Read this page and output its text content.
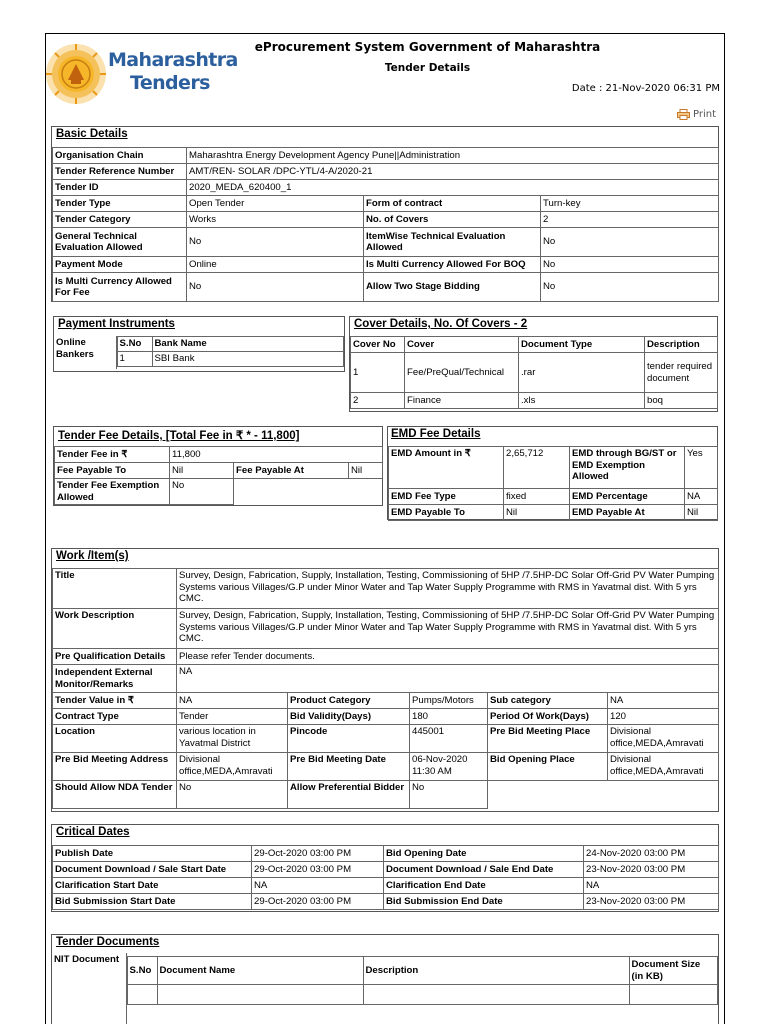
Maharashtra
Tenders
eProcurement System Government of Maharashtra
Tender Details
Date : 21-Nov-2020 06:31 PM
Print
Basic Details
Organisation Chain	Maharashtra Energy Development Agency Pune||Administration		
Tender Reference Number	AMT/REN- SOLAR /DPC-YTL/4-A/2020-21		
Tender ID	2020_MEDA_620400_1		
Tender Type	Open Tender	Form of contract	Turn-key
Tender Category	Works	No. of Covers	2
General Technical Evaluation Allowed	No	ItemWise Technical Evaluation Allowed	No
Payment Mode	Online	Is Multi Currency Allowed For BOQ	No
Is Multi Currency Allowed For Fee	No	Allow Two Stage Bidding	No
Payment Instruments
Online Bankers	
S.No	Bank Name
1	SBI Bank
Cover Details, No. Of Covers - 2
Cover No	Cover	Document Type	Description
1	Fee/PreQual/Technical	.rar	tender required document
2	Finance	.xls	boq
Tender Fee Details, [Total Fee in ₹ * - 11,800]
Tender Fee in ₹	11,800		
Fee Payable To	Nil	Fee Payable At	Nil
Tender Fee Exemption Allowed	No		
EMD Fee Details
EMD Amount in ₹	2,65,712	EMD through BG/ST or EMD Exemption Allowed	Yes
EMD Fee Type	fixed	EMD Percentage	NA
EMD Payable To	Nil	EMD Payable At	Nil
Work /Item(s)
Title	Survey, Design, Fabrication, Supply, Installation, Testing, Commissioning of 5HP /7.5HP-DC Solar Off-Grid PV Water Pumping Systems various Villages/G.P under Minor Water and Tap Water Supply Programme with RMS in Yavatmal dist. With 5 yrs CMC.				
Work Description	Survey, Design, Fabrication, Supply, Installation, Testing, Commissioning of 5HP /7.5HP-DC Solar Off-Grid PV Water Pumping Systems various Villages/G.P under Minor Water and Tap Water Supply Programme with RMS in Yavatmal dist. With 5 yrs CMC.				
Pre Qualification Details	Please refer Tender documents.				
Independent External Monitor/Remarks	NA				
Tender Value in ₹	NA	Product Category	Pumps/Motors	Sub category	NA
Contract Type	Tender	Bid Validity(Days)	180	Period Of Work(Days)	120
Location	various location in Yavatmal District	Pincode	445001	Pre Bid Meeting Place	Divisional office,MEDA,Amravati
Pre Bid Meeting Address	Divisional office,MEDA,Amravati	Pre Bid Meeting Date	06-Nov-2020 11:30 AM	Bid Opening Place	Divisional office,MEDA,Amravati
Should Allow NDA Tender	No	Allow Preferential Bidder	No		
Critical Dates
Publish Date	29-Oct-2020 03:00 PM	Bid Opening Date	24-Nov-2020 03:00 PM
Document Download / Sale Start Date	29-Oct-2020 03:00 PM	Document Download / Sale End Date	23-Nov-2020 03:00 PM
Clarification Start Date	NA	Clarification End Date	NA
Bid Submission Start Date	29-Oct-2020 03:00 PM	Bid Submission End Date	23-Nov-2020 03:00 PM
Tender Documents
NIT Document	
S.No	Document Name	Description	Document Size (in KB)
